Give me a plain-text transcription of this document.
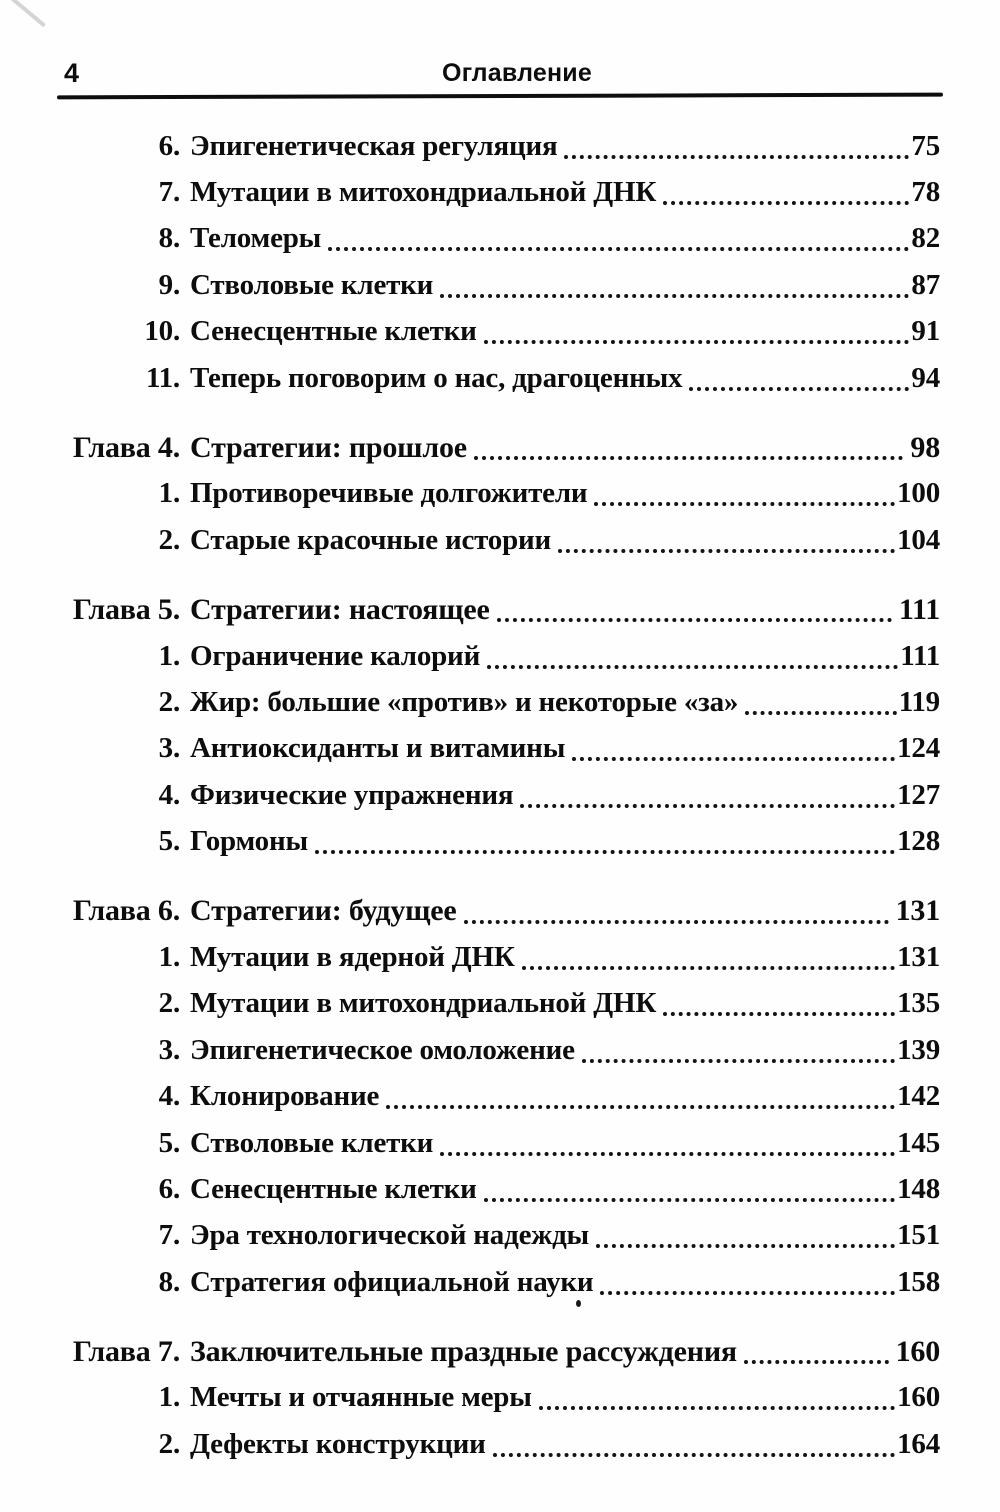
4	Оглавление
6. Эпигенетическая регуляция	75
7. Мутации в митохондриальной ДНК	78
8. Теломеры	82
9. Стволовые клетки	87
10. Сенесцентные клетки	91
11. Теперь поговорим о нас, драгоценных	94
Глава 4. Стратегии: прошлое	98
1. Противоречивые долгожители	100
2. Старые красочные истории	104
Глава 5. Стратегии: настоящее	111
1. Ограничение калорий	111
2. Жир: большие «против» и некоторые «за»	119
3. Антиоксиданты и витамины	124
4. Физические упражнения	127
5. Гормоны	128
Глава 6. Стратегии: будущее	131
1. Мутации в ядерной ДНК	131
2. Мутации в митохондриальной ДНК	135
3. Эпигенетическое омоложение	139
4. Клонирование	142
5. Стволовые клетки	145
6. Сенесцентные клетки	148
7. Эра технологической надежды	151
8. Стратегия официальной науки	158
Глава 7. Заключительные праздные рассуждения	160
1. Мечты и отчаянные меры	160
2. Дефекты конструкции	164
